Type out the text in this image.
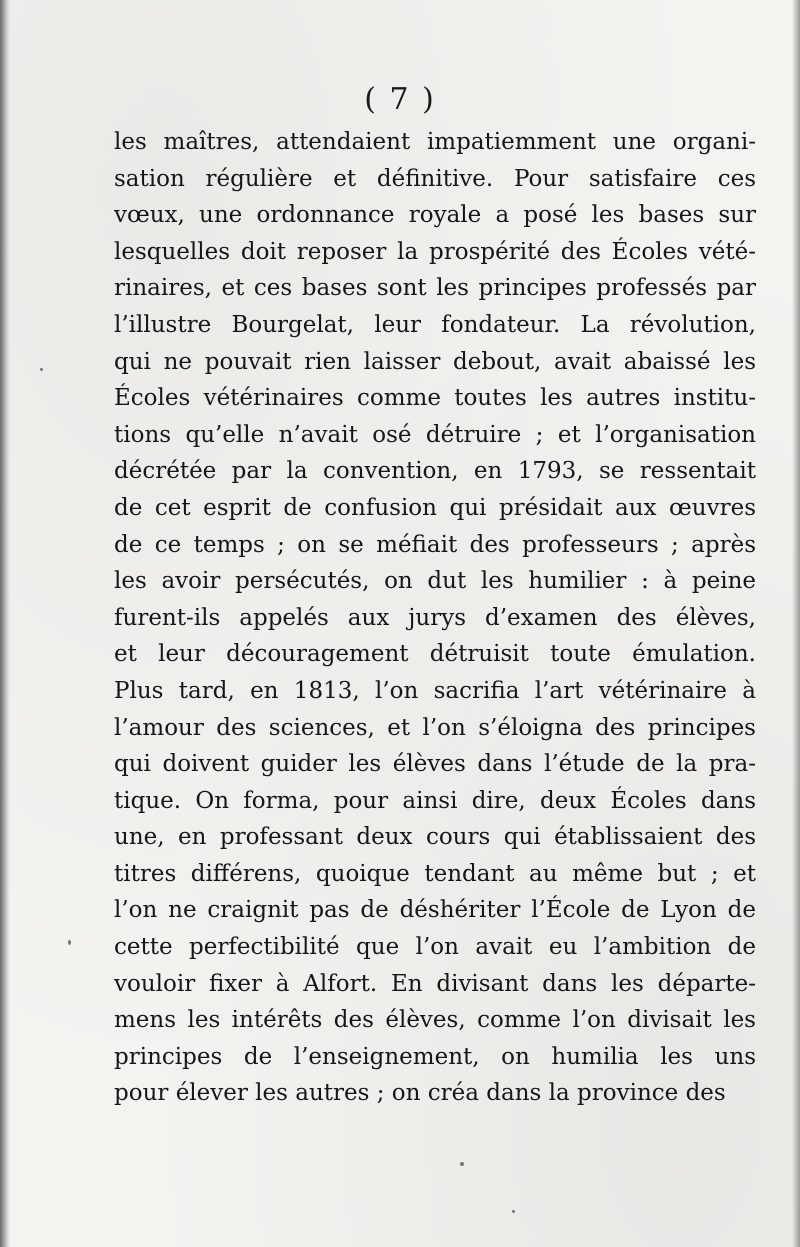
( 7 )
les maîtres, attendaient impatiemment une organi-
sation régulière et définitive. Pour satisfaire ces
vœux, une ordonnance royale a posé les bases sur
lesquelles doit reposer la prospérité des Écoles vété-
rinaires, et ces bases sont les principes professés par
l’illustre Bourgelat, leur fondateur. La révolution,
qui ne pouvait rien laisser debout, avait abaissé les
Écoles vétérinaires comme toutes les autres institu-
tions qu’elle n’avait osé détruire ; et l’organisation
décrétée par la convention, en 1793, se ressentait
de cet esprit de confusion qui présidait aux œuvres
de ce temps ; on se méfiait des professeurs ; après
les avoir persécutés, on dut les humilier : à peine
furent-ils appelés aux jurys d’examen des élèves,
et leur découragement détruisit toute émulation.
Plus tard, en 1813, l’on sacrifia l’art vétérinaire à
l’amour des sciences, et l’on s’éloigna des principes
qui doivent guider les élèves dans l’étude de la pra-
tique. On forma, pour ainsi dire, deux Écoles dans
une, en professant deux cours qui établissaient des
titres différens, quoique tendant au même but ; et
l’on ne craignit pas de déshériter l’École de Lyon de
cette perfectibilité que l’on avait eu l’ambition de
vouloir fixer à Alfort. En divisant dans les départe-
mens les intérêts des élèves, comme l’on divisait les
principes de l’enseignement, on humilia les uns
pour élever les autres ; on créa dans la province des
